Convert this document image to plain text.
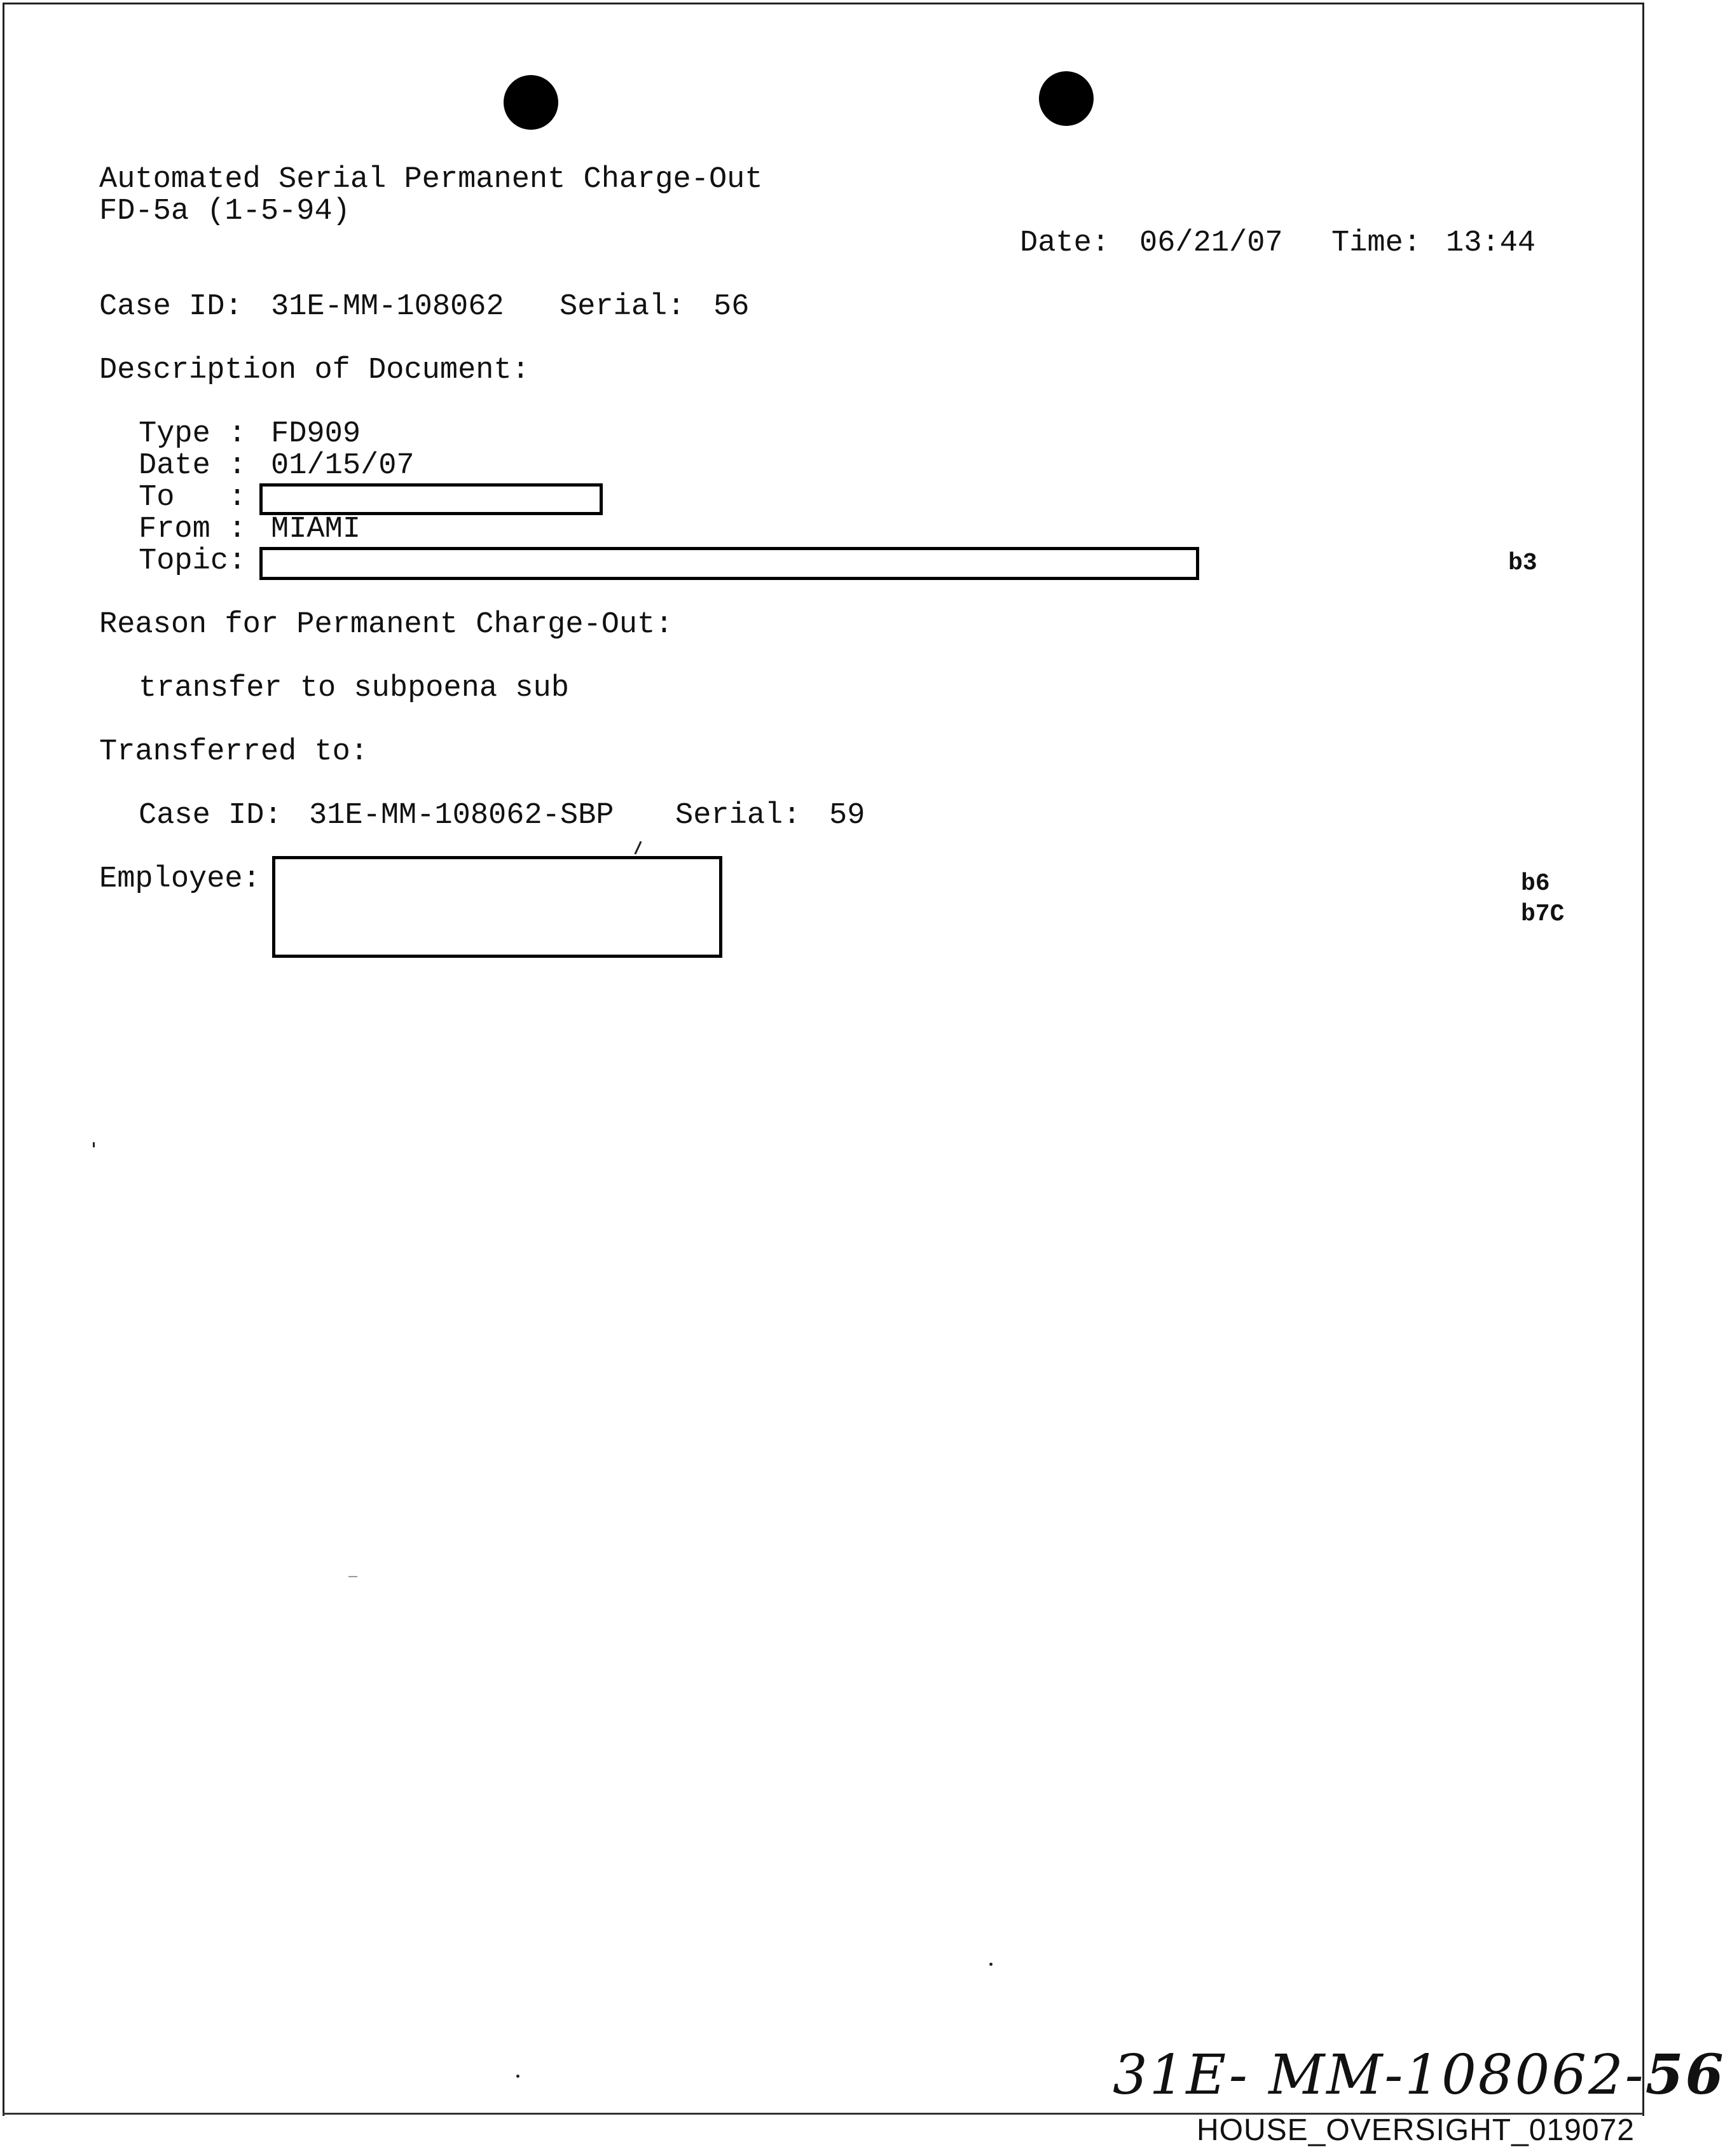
Automated Serial Permanent Charge-Out
FD-5a (1-5-94)
Date: 06/21/07 Time: 13:44
Case ID: 31E-MM-108062 Serial: 56
Description of Document:
Type : FD909
Date : 01/15/07
To   :
From : MIAMI
Topic:	b3
Reason for Permanent Charge-Out:
transfer to subpoena sub
Transferred to:
Case ID: 31E-MM-108062-SBP Serial: 59
Employee:	b6
b7C
31E- MM-108062-56
HOUSE_OVERSIGHT_019072
